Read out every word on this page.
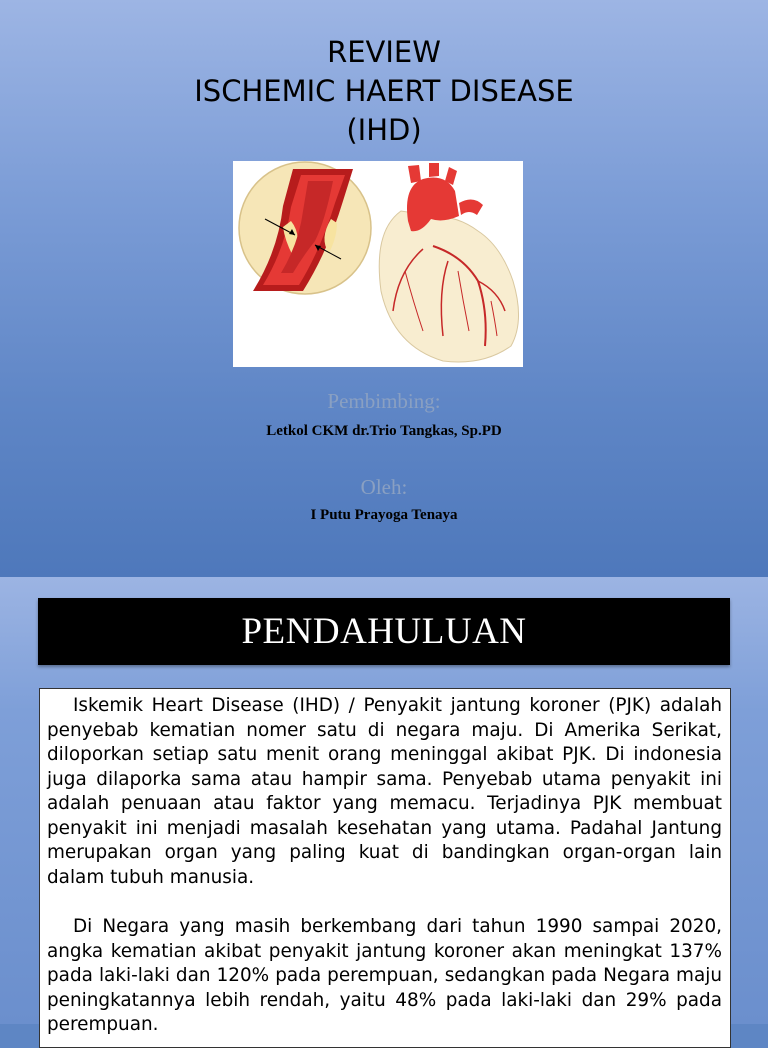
REVIEW
ISCHEMIC HAERT DISEASE
(IHD)
Pembimbing:
Letkol CKM dr.Trio Tangkas, Sp.PD
Oleh:
I Putu Prayoga Tenaya
PENDAHULUAN

Iskemik Heart Disease (IHD) / Penyakit jantung koroner (PJK) adalah penyebab kematian nomer satu di negara maju. Di Amerika Serikat, diloporkan setiap satu menit orang meninggal akibat PJK. Di indonesia juga dilaporka sama atau hampir sama. Penyebab utama penyakit ini adalah penuaan atau faktor yang memacu. Terjadinya PJK membuat penyakit ini menjadi masalah kesehatan yang utama. Padahal Jantung merupakan organ yang paling kuat di bandingkan organ-organ lain dalam tubuh manusia.

Di Negara yang masih berkembang dari tahun 1990 sampai 2020, angka kematian akibat penyakit jantung koroner akan meningkat 137% pada laki-laki dan 120% pada perempuan, sedangkan pada Negara maju peningkatannya lebih rendah, yaitu 48% pada laki-laki dan 29% pada perempuan.
